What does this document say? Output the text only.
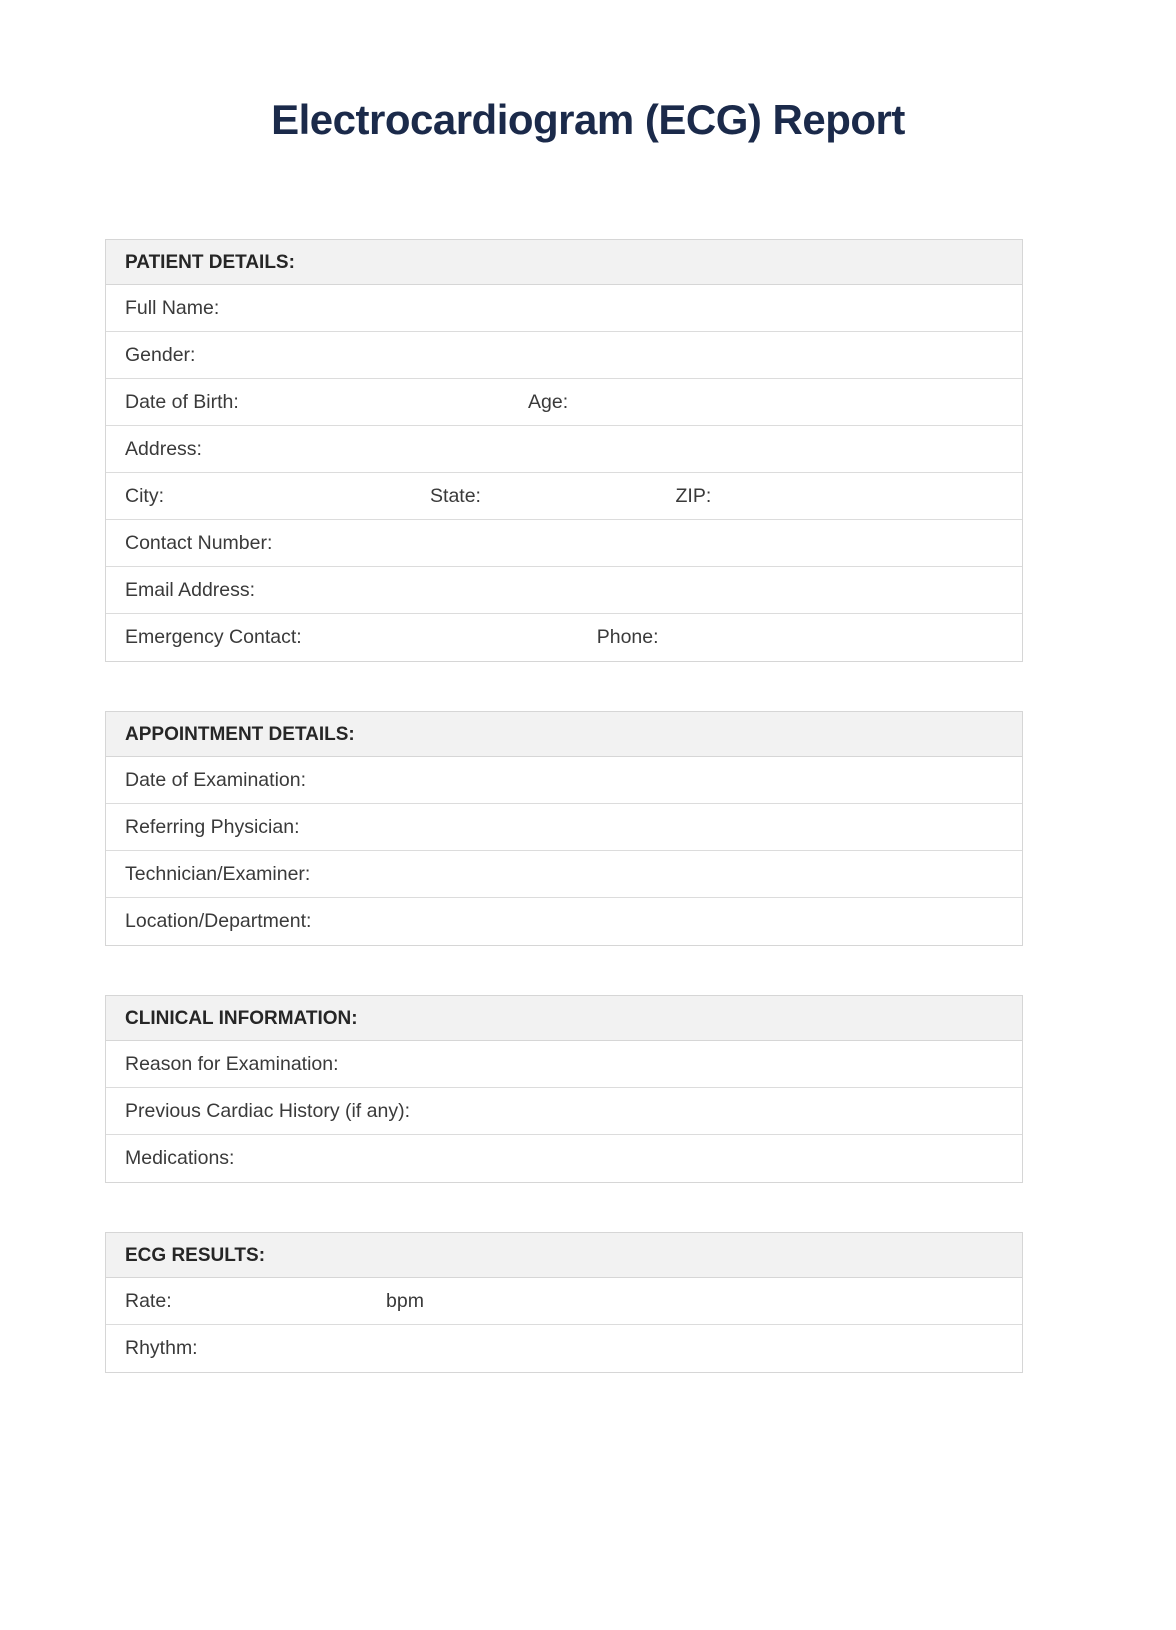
Electrocardiogram (ECG) Report
PATIENT DETAILS:
Full Name:
Gender:
Date of Birth:	Age:
Address:
City:	State:	ZIP:
Contact Number:
Email Address:
Emergency Contact:	Phone:
APPOINTMENT DETAILS:
Date of Examination:
Referring Physician:
Technician/Examiner:
Location/Department:
CLINICAL INFORMATION:
Reason for Examination:
Previous Cardiac History (if any):
Medications:
ECG RESULTS:
Rate:	bpm
Rhythm:
